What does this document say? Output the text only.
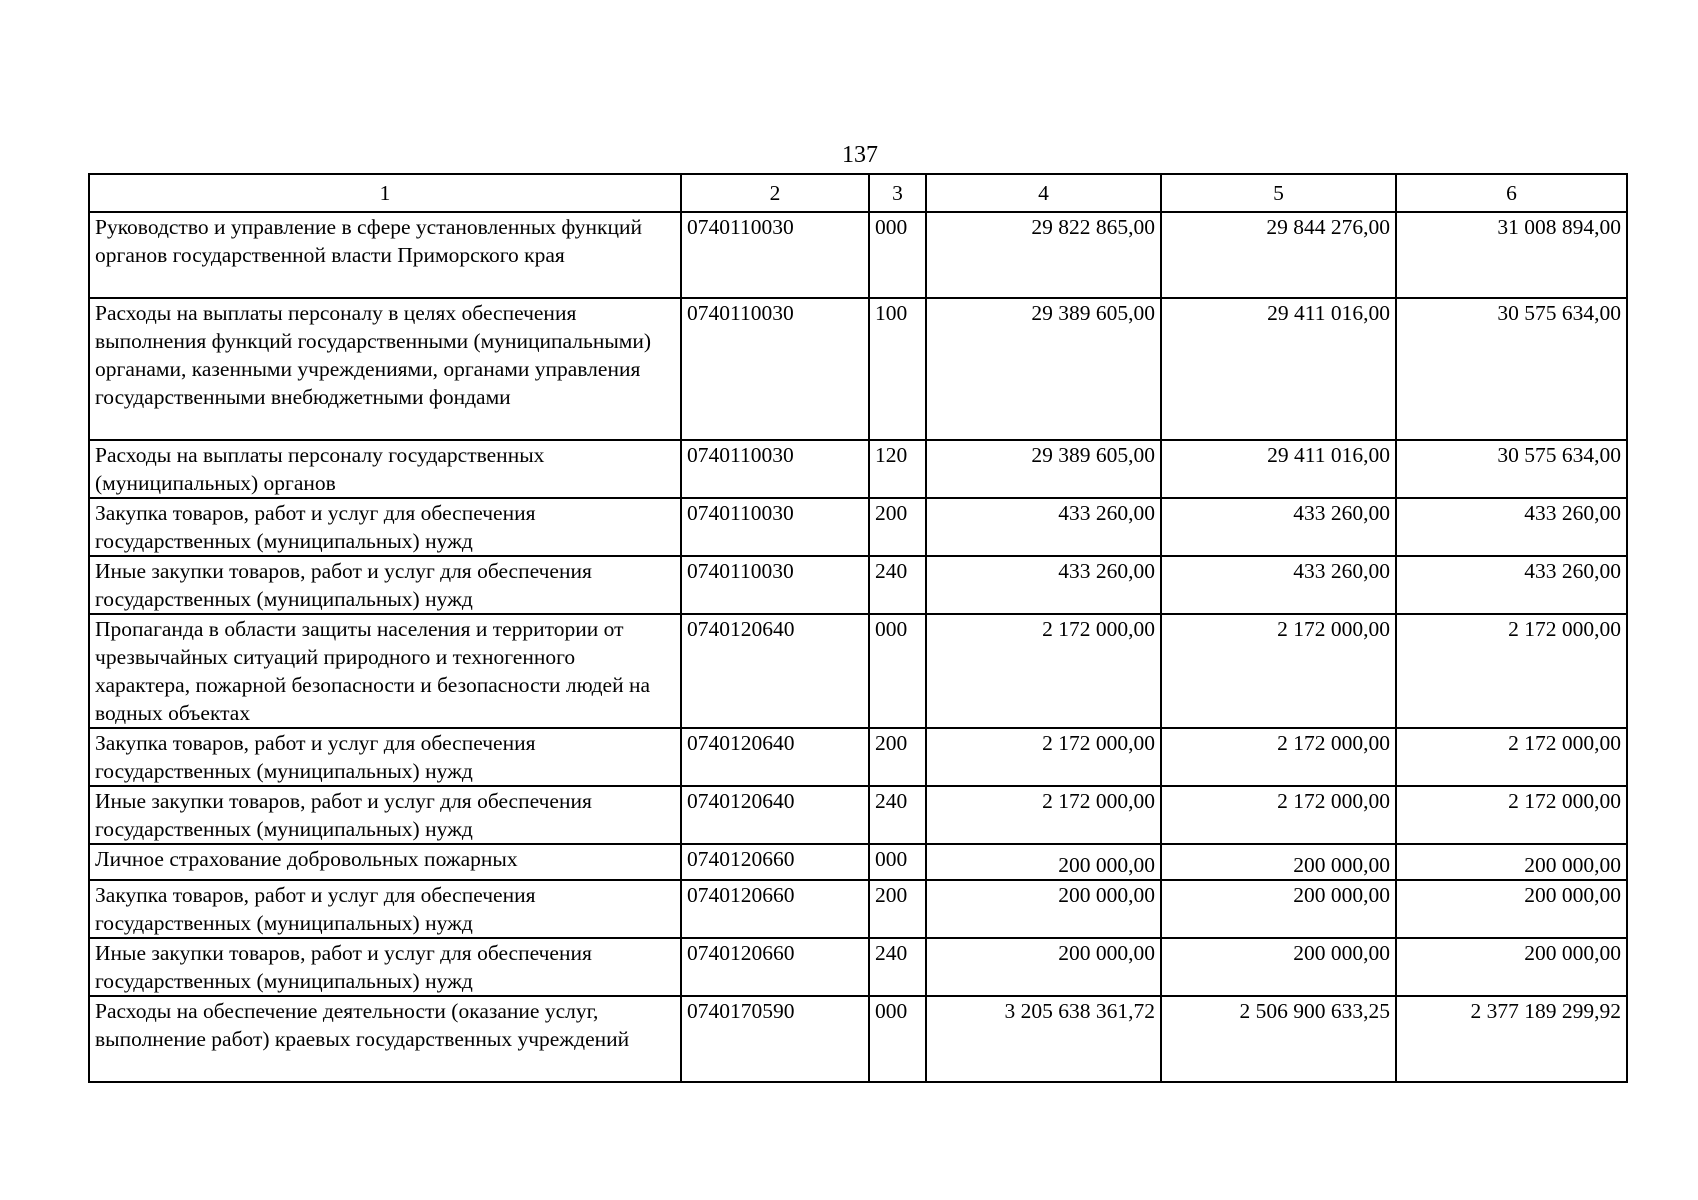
137
1	2	3	4	5	6
Руководство и управление в сфере установленных функций органов государственной власти Приморского края	0740110030	000	29 822 865,00	29 844 276,00	31 008 894,00
Расходы на выплаты персоналу в целях обеспечения выполнения функций государственными (муниципальными) органами, казенными учреждениями, органами управления государственными внебюджетными фондами	0740110030	100	29 389 605,00	29 411 016,00	30 575 634,00
Расходы на выплаты персоналу государственных (муниципальных) органов	0740110030	120	29 389 605,00	29 411 016,00	30 575 634,00
Закупка товаров, работ и услуг для обеспечения государственных (муниципальных) нужд	0740110030	200	433 260,00	433 260,00	433 260,00
Иные закупки товаров, работ и услуг для обеспечения государственных (муниципальных) нужд	0740110030	240	433 260,00	433 260,00	433 260,00
Пропаганда в области защиты населения и территории от чрезвычайных ситуаций природного и техногенного характера, пожарной безопасности и безопасности людей на водных объектах	0740120640	000	2 172 000,00	2 172 000,00	2 172 000,00
Закупка товаров, работ и услуг для обеспечения государственных (муниципальных) нужд	0740120640	200	2 172 000,00	2 172 000,00	2 172 000,00
Иные закупки товаров, работ и услуг для обеспечения государственных (муниципальных) нужд	0740120640	240	2 172 000,00	2 172 000,00	2 172 000,00
Личное страхование добровольных пожарных	0740120660	000	200 000,00	200 000,00	200 000,00
Закупка товаров, работ и услуг для обеспечения государственных (муниципальных) нужд	0740120660	200	200 000,00	200 000,00	200 000,00
Иные закупки товаров, работ и услуг для обеспечения государственных (муниципальных) нужд	0740120660	240	200 000,00	200 000,00	200 000,00
Расходы на обеспечение деятельности (оказание услуг, выполнение работ) краевых государственных учреждений	0740170590	000	3 205 638 361,72	2 506 900 633,25	2 377 189 299,92
